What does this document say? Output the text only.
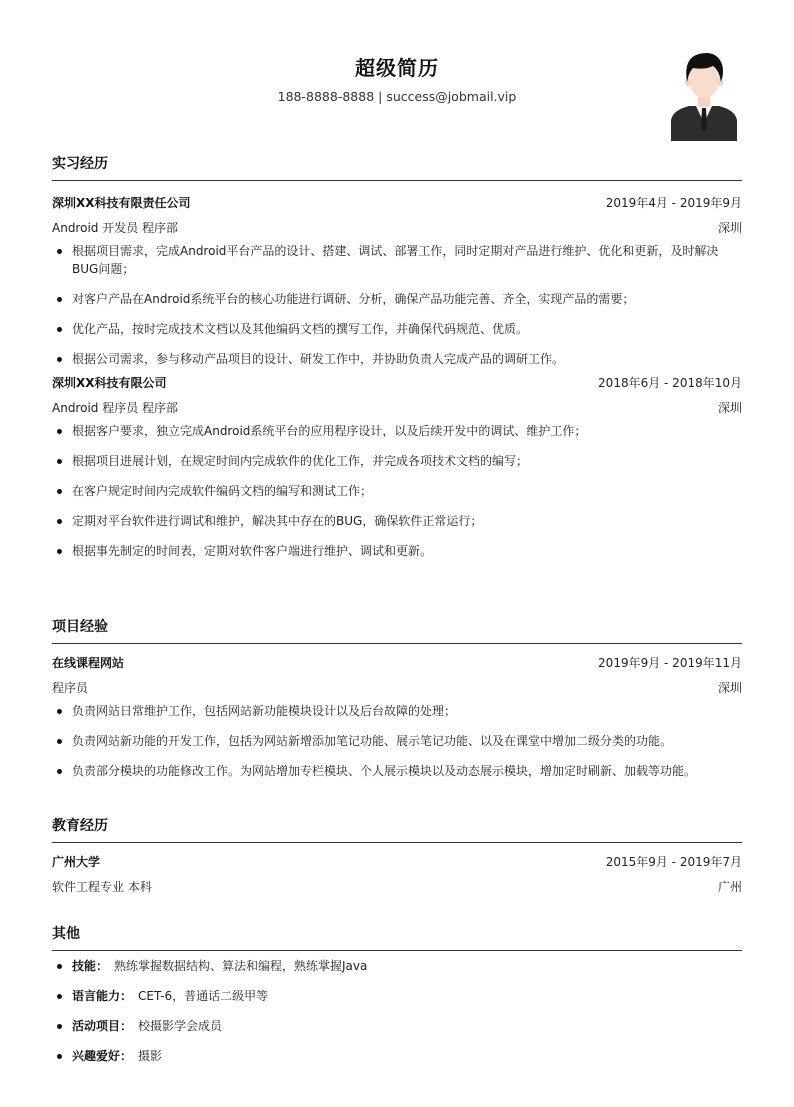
超级简历
188-8888-8888 | success@jobmail.vip
实习经历
深圳XX科技有限责任公司	2019年4月 - 2019年9月
Android 开发员 程序部	深圳
根据项目需求，完成Android平台产品的设计、搭建、调试、部署工作，同时定期对产品进行维护、优化和更新，及时解决BUG问题；
对客户产品在Android系统平台的核心功能进行调研、分析，确保产品功能完善、齐全，实现产品的需要；
优化产品，按时完成技术文档以及其他编码文档的撰写工作，并确保代码规范、优质。
根据公司需求，参与移动产品项目的设计、研发工作中，并协助负责人完成产品的调研工作。
深圳XX科技有限公司	2018年6月 - 2018年10月
Android 程序员 程序部	深圳
根据客户要求，独立完成Android系统平台的应用程序设计，以及后续开发中的调试、维护工作；
根据项目进展计划，在规定时间内完成软件的优化工作，并完成各项技术文档的编写；
在客户规定时间内完成软件编码文档的编写和测试工作；
定期对平台软件进行调试和维护，解决其中存在的BUG，确保软件正常运行；
根据事先制定的时间表，定期对软件客户端进行维护、调试和更新。
项目经验
在线课程网站	2019年9月 - 2019年11月
程序员	深圳
负责网站日常维护工作，包括网站新功能模块设计以及后台故障的处理；
负责网站新功能的开发工作，包括为网站新增添加笔记功能、展示笔记功能、以及在课堂中增加二级分类的功能。
负责部分模块的功能修改工作。为网站增加专栏模块、个人展示模块以及动态展示模块，增加定时刷新、加载等功能。
教育经历
广州大学	2015年9月 - 2019年7月
软件工程专业 本科	广州
其他
技能： 熟练掌握数据结构、算法和编程，熟练掌握Java
语言能力： CET-6，普通话二级甲等
活动项目： 校摄影学会成员
兴趣爱好： 摄影
